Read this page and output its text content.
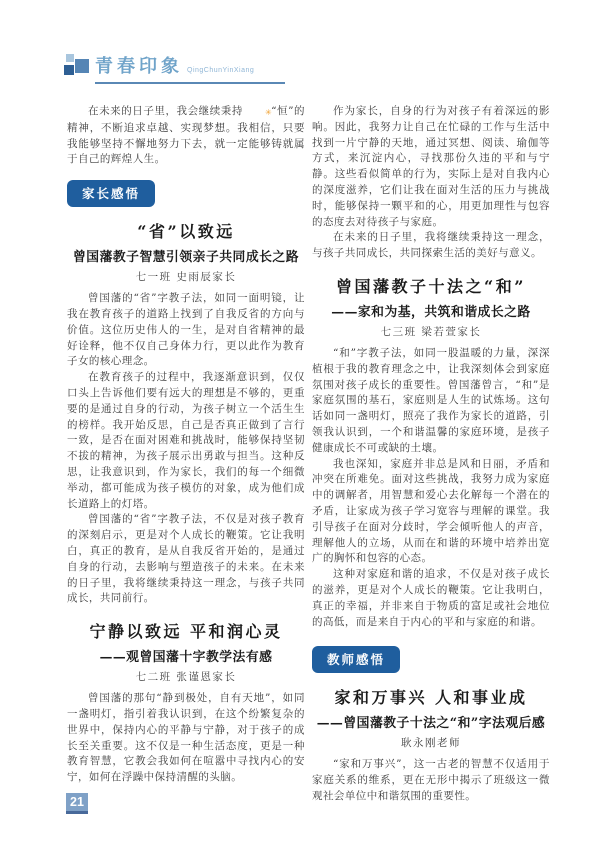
青春印象 QingChunYinXiang

在未来的日子里，我会继续秉持	✳“恒”的精神，不断追求卓越、实现梦想。我相信，只要我能够坚持不懈地努力下去，就一定能够铸就属于自己的辉煌人生。

家长感悟
“省”以致远
曾国藩教子智慧引领亲子共同成长之路
七一班 史雨辰家长

曾国藩的“省”字教子法，如同一面明镜，让我在教育孩子的道路上找到了自我反省的方向与价值。这位历史伟人的一生，是对自省精神的最好诠释，他不仅自己身体力行，更以此作为教育子女的核心理念。

在教育孩子的过程中，我逐渐意识到，仅仅口头上告诉他们要有远大的理想是不够的，更重要的是通过自身的行动，为孩子树立一个活生生的榜样。我开始反思，自己是否真正做到了言行一致，是否在面对困难和挑战时，能够保持坚韧不拔的精神，为孩子展示出勇敢与担当。这种反思，让我意识到，作为家长，我们的每一个细微举动，都可能成为孩子模仿的对象，成为他们成长道路上的灯塔。

曾国藩的“省”字教子法，不仅是对孩子教育的深刻启示，更是对个人成长的鞭策。它让我明白，真正的教育，是从自我反省开始的，是通过自身的行动，去影响与塑造孩子的未来。在未来的日子里，我将继续秉持这一理念，与孩子共同成长，共同前行。

宁静以致远 平和润心灵
——观曾国藩十字教学法有感
七二班 张谨恩家长

曾国藩的那句“静到极处，自有天地”，如同一盏明灯，指引着我认识到，在这个纷繁复杂的世界中，保持内心的平静与宁静，对于孩子的成长至关重要。这不仅是一种生活态度，更是一种教育智慧，它教会我如何在喧嚣中寻找内心的安宁，如何在浮躁中保持清醒的头脑。

作为家长，自身的行为对孩子有着深远的影响。因此，我努力让自己在忙碌的工作与生活中找到一片宁静的天地，通过冥想、阅读、瑜伽等方式，来沉淀内心，寻找那份久违的平和与宁静。这些看似简单的行为，实际上是对自我内心的深度滋养，它们让我在面对生活的压力与挑战时，能够保持一颗平和的心，用更加理性与包容的态度去对待孩子与家庭。

在未来的日子里，我将继续秉持这一理念，与孩子共同成长，共同探索生活的美好与意义。

曾国藩教子十法之“和”
——家和为基，共筑和谐成长之路
七三班 梁若萱家长

“和”字教子法，如同一股温暖的力量，深深植根于我的教育理念之中，让我深刻体会到家庭氛围对孩子成长的重要性。曾国藩曾言，“和”是家庭氛围的基石，家庭则是人生的试炼场。这句话如同一盏明灯，照亮了我作为家长的道路，引领我认识到，一个和谐温馨的家庭环境，是孩子健康成长不可或缺的土壤。

我也深知，家庭并非总是风和日丽，矛盾和冲突在所难免。面对这些挑战，我努力成为家庭中的调解者，用智慧和爱心去化解每一个潜在的矛盾，让家成为孩子学习宽容与理解的课堂。我引导孩子在面对分歧时，学会倾听他人的声音，理解他人的立场，从而在和谐的环境中培养出宽广的胸怀和包容的心态。

这种对家庭和谐的追求，不仅是对孩子成长的滋养，更是对个人成长的鞭策。它让我明白，真正的幸福，并非来自于物质的富足或社会地位的高低，而是来自于内心的平和与家庭的和谐。

教师感悟
家和万事兴 人和事业成
——曾国藩教子十法之“和”字法观后感
耿永刚老师

“家和万事兴”，这一古老的智慧不仅适用于家庭关系的维系，更在无形中揭示了班级这一微观社会单位中和谐氛围的重要性。

21
